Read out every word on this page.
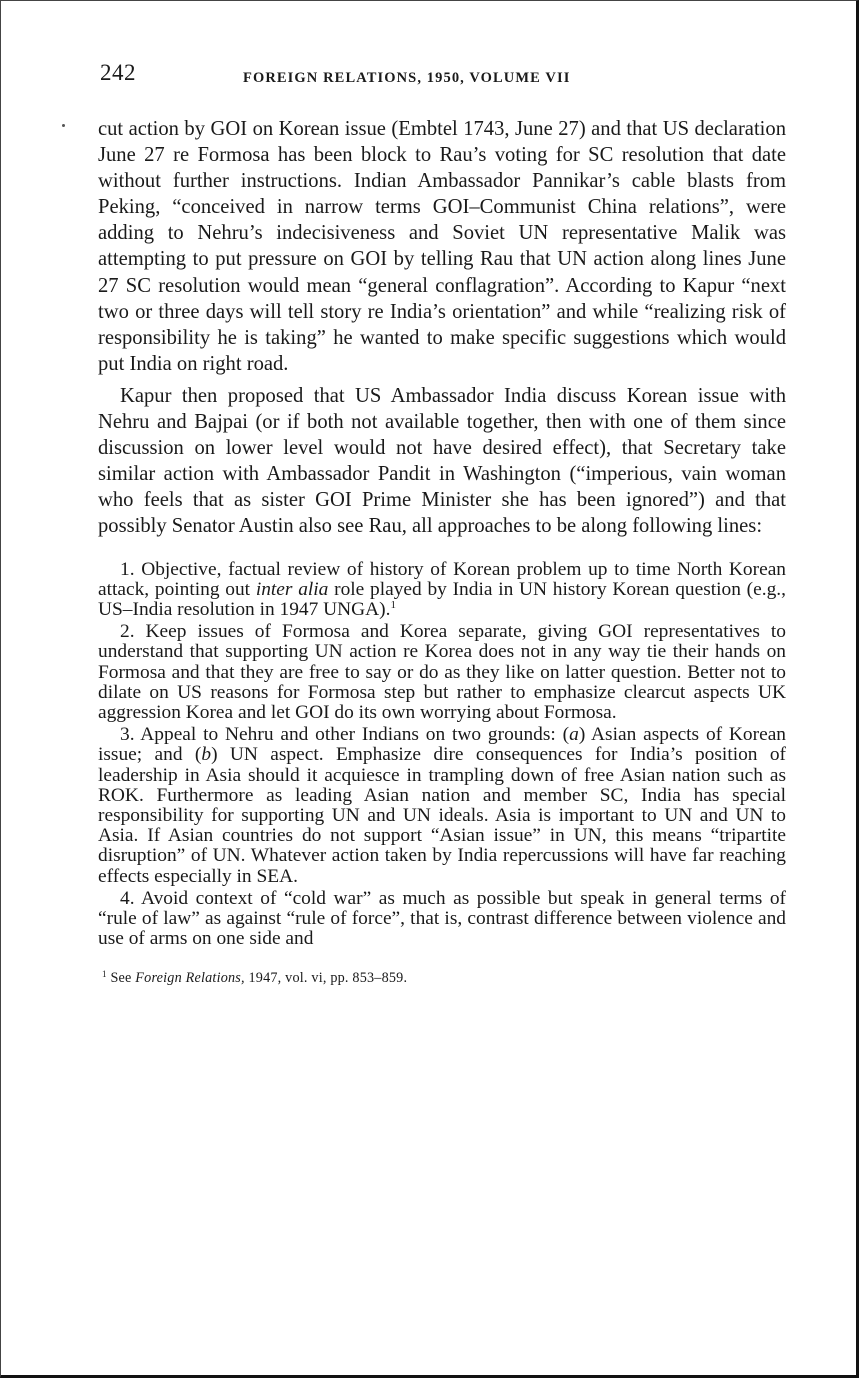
242	FOREIGN RELATIONS, 1950, VOLUME VII

cut action by GOI on Korean issue (Embtel 1743, June 27) and that US declaration June 27 re Formosa has been block to Rau’s voting for SC resolution that date without further instructions. Indian Ambassador Pannikar’s cable blasts from Peking, “conceived in narrow terms GOI–Communist China relations”, were adding to Nehru’s indecisiveness and Soviet UN representative Malik was attempting to put pressure on GOI by telling Rau that UN action along lines June 27 SC resolution would mean “general conflagration”. According to Kapur “next two or three days will tell story re India’s orientation” and while “realizing risk of responsibility he is taking” he wanted to make specific suggestions which would put India on right road.

Kapur then proposed that US Ambassador India discuss Korean issue with Nehru and Bajpai (or if both not available together, then with one of them since discussion on lower level would not have desired effect), that Secretary take similar action with Ambassador Pandit in Washington (“imperious, vain woman who feels that as sister GOI Prime Minister she has been ignored”) and that possibly Senator Austin also see Rau, all approaches to be along following lines:

1. Objective, factual review of history of Korean problem up to time North Korean attack, pointing out inter alia role played by India in UN history Korean question (e.g., US–India resolution in 1947 UNGA).$^1$

2. Keep issues of Formosa and Korea separate, giving GOI representatives to understand that supporting UN action re Korea does not in any way tie their hands on Formosa and that they are free to say or do as they like on latter question. Better not to dilate on US reasons for Formosa step but rather to emphasize clearcut aspects UK aggression Korea and let GOI do its own worrying about Formosa.

3. Appeal to Nehru and other Indians on two grounds: (a) Asian aspects of Korean issue; and (b) UN aspect. Emphasize dire consequences for India’s position of leadership in Asia should it acquiesce in trampling down of free Asian nation such as ROK. Furthermore as leading Asian nation and member SC, India has special responsibility for supporting UN and UN ideals. Asia is important to UN and UN to Asia. If Asian countries do not support “Asian issue” in UN, this means “tripartite disruption” of UN. Whatever action taken by India repercussions will have far reaching effects especially in SEA.

4. Avoid context of “cold war” as much as possible but speak in general terms of “rule of law” as against “rule of force”, that is, contrast difference between violence and use of arms on one side and

$^1$ See Foreign Relations, 1947, vol. vi, pp. 853–859.
